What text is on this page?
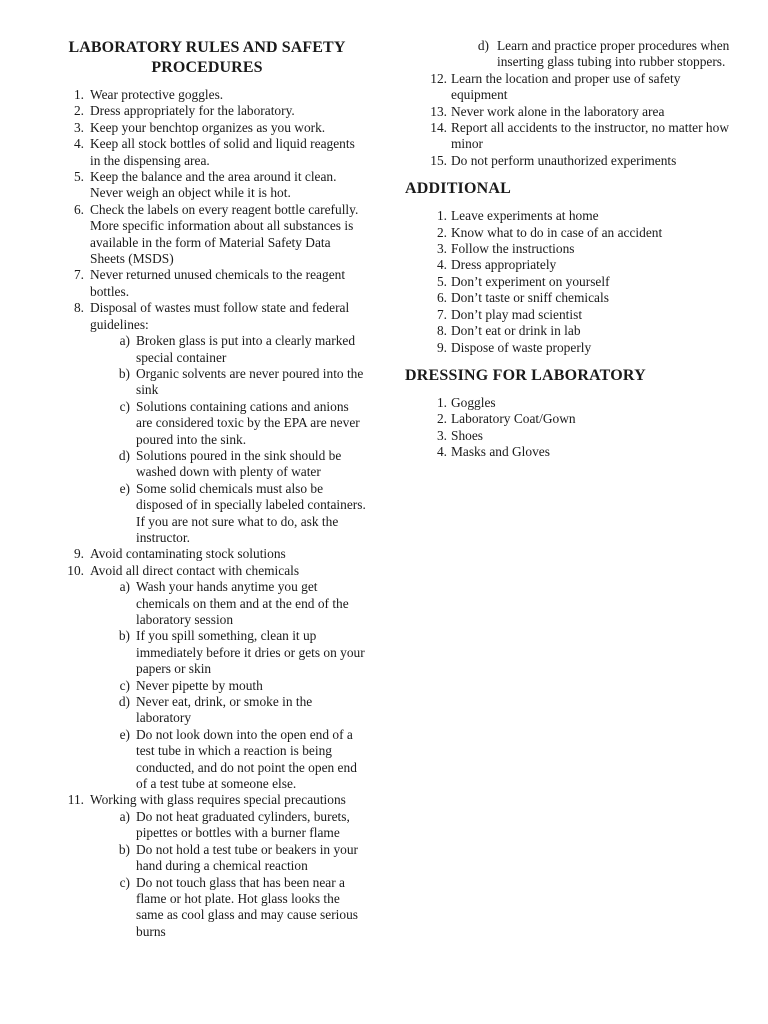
LABORATORY RULES AND SAFETY PROCEDURES
1. Wear protective goggles.
2. Dress appropriately for the laboratory.
3. Keep your benchtop organizes as you work.
4. Keep all stock bottles of solid and liquid reagents in the dispensing area.
5. Keep the balance and the area around it clean. Never weigh an object while it is hot.
6. Check the labels on every reagent bottle carefully. More specific information about all substances is available in the form of Material Safety Data Sheets (MSDS)
7. Never returned unused chemicals to the reagent bottles.
8. Disposal of wastes must follow state and federal guidelines:
a) Broken glass is put into a clearly marked special container
b) Organic solvents are never poured into the sink
c) Solutions containing cations and anions are considered toxic by the EPA are never poured into the sink.
d) Solutions poured in the sink should be washed down with plenty of water
e) Some solid chemicals must also be disposed of in specially labeled containers. If you are not sure what to do, ask the instructor.
9. Avoid contaminating stock solutions
10. Avoid all direct contact with chemicals
a) Wash your hands anytime you get chemicals on them and at the end of the laboratory session
b) If you spill something, clean it up immediately before it dries or gets on your papers or skin
c) Never pipette by mouth
d) Never eat, drink, or smoke in the laboratory
e) Do not look down into the open end of a test tube in which a reaction is being conducted, and do not point the open end of a test tube at someone else.
11. Working with glass requires special precautions
a) Do not heat graduated cylinders, burets, pipettes or bottles with a burner flame
b) Do not hold a test tube or beakers in your hand during a chemical reaction
c) Do not touch glass that has been near a flame or hot plate. Hot glass looks the same as cool glass and may cause serious burns
d) Learn and practice proper procedures when inserting glass tubing into rubber stoppers.
12. Learn the location and proper use of safety equipment
13. Never work alone in the laboratory area
14. Report all accidents to the instructor, no matter how minor
15. Do not perform unauthorized experiments
ADDITIONAL
1. Leave experiments at home
2. Know what to do in case of an accident
3. Follow the instructions
4. Dress appropriately
5. Don’t experiment on yourself
6. Don’t taste or sniff chemicals
7. Don’t play mad scientist
8. Don’t eat or drink in lab
9. Dispose of waste properly
DRESSING FOR LABORATORY
1. Goggles
2. Laboratory Coat/Gown
3. Shoes
4. Masks and Gloves
